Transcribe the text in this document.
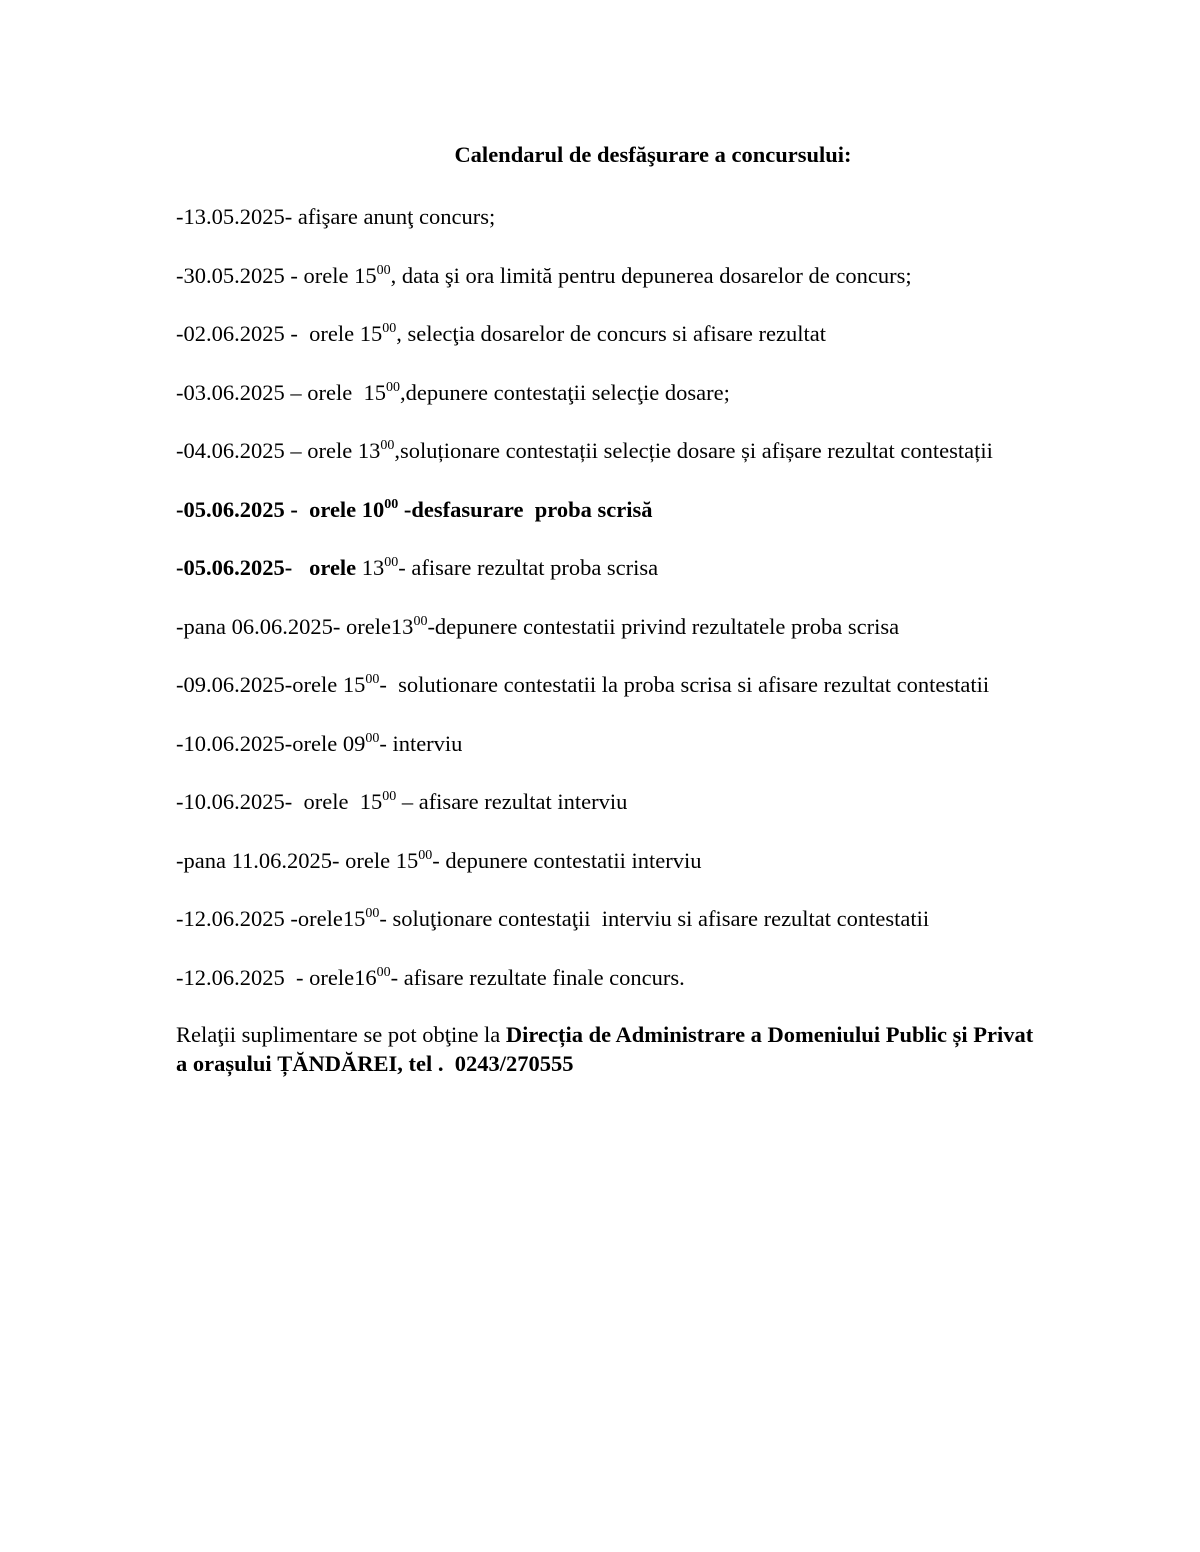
Calendarul de desfăşurare a concursului:
-13.05.2025- afişare anunţ concurs;
-30.05.2025 - orele $15^{00}$, data şi ora limită pentru depunerea dosarelor de concurs;
-02.06.2025 -  orele $15^{00}$, selecţia dosarelor de concurs si afisare rezultat
-03.06.2025 – orele  $15^{00},depunere$ contestaţii selecţie dosare;
-04.06.2025 – orele $13^{00},soluționare$ contestații selecție dosare și afișare rezultat contestații
-05.06.2025 -  orele $10^{00}$ -desfasurare  proba scrisă
-05.06.2025-   orele $13^{00}-$ afisare rezultat proba scrisa
-pana 06.06.2025- $orele13^{00}$-depunere contestatii privind rezultatele proba scrisa
-09.06.2025-orele $15^{00}-$  solutionare contestatii la proba scrisa si afisare rezultat contestatii
-10.06.2025-orele $09^{00}-$ interviu
-10.06.2025-  orele  $15^{00}$ – afisare rezultat interviu
-pana 11.06.2025- orele $15^{00}-$ depunere contestatii interviu
-12.06.2025 $-orele15^{00}-$ soluţionare contestaţii  interviu si afisare rezultat contestatii
$-12.06.2025 - orele16^{00}-$ afisare rezultate finale concurs.
Relaţii suplimentare se pot obţine la Direcția de Administrare a Domeniului Public și Privat
a orașului ȚĂNDĂREI, tel .  0243/270555
